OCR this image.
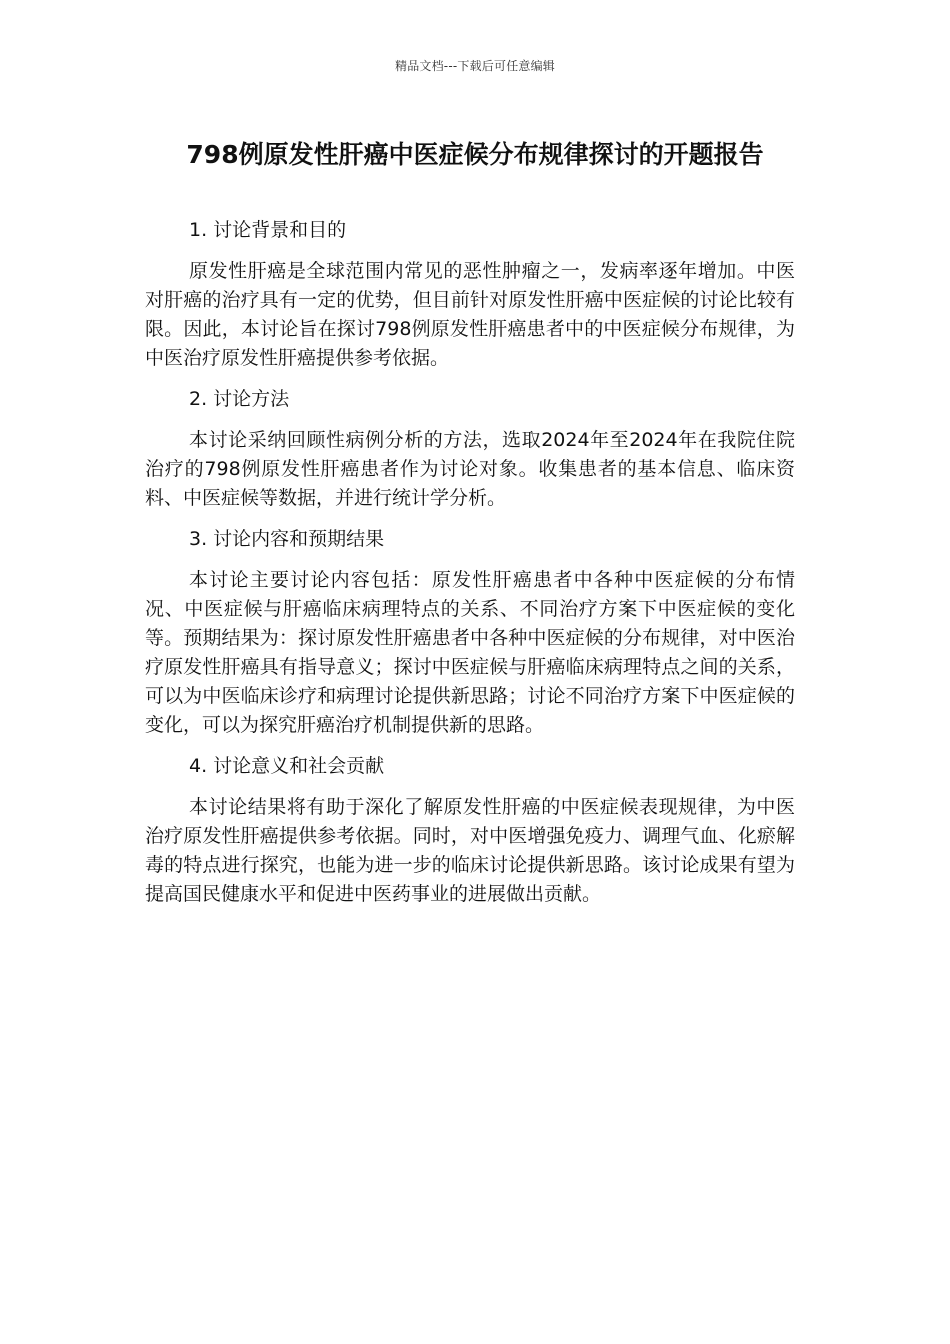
精品文档---下载后可任意编辑
798例原发性肝癌中医症候分布规律探讨的开题报告

1. 讨论背景和目的

原发性肝癌是全球范围内常见的恶性肿瘤之一，发病率逐年增加。中医对肝癌的治疗具有一定的优势，但目前针对原发性肝癌中医症候的讨论比较有限。因此，本讨论旨在探讨798例原发性肝癌患者中的中医症候分布规律，为中医治疗原发性肝癌提供参考依据。

2. 讨论方法

本讨论采纳回顾性病例分析的方法，选取2024年至2024年在我院住院治疗的798例原发性肝癌患者作为讨论对象。收集患者的基本信息、临床资料、中医症候等数据，并进行统计学分析。

3. 讨论内容和预期结果

本讨论主要讨论内容包括：原发性肝癌患者中各种中医症候的分布情况、中医症候与肝癌临床病理特点的关系、不同治疗方案下中医症候的变化等。预期结果为：探讨原发性肝癌患者中各种中医症候的分布规律，对中医治疗原发性肝癌具有指导意义；探讨中医症候与肝癌临床病理特点之间的关系，可以为中医临床诊疗和病理讨论提供新思路；讨论不同治疗方案下中医症候的变化，可以为探究肝癌治疗机制提供新的思路。

4. 讨论意义和社会贡献

本讨论结果将有助于深化了解原发性肝癌的中医症候表现规律，为中医治疗原发性肝癌提供参考依据。同时，对中医增强免疫力、调理气血、化瘀解毒的特点进行探究，也能为进一步的临床讨论提供新思路。该讨论成果有望为提高国民健康水平和促进中医药事业的进展做出贡献。
